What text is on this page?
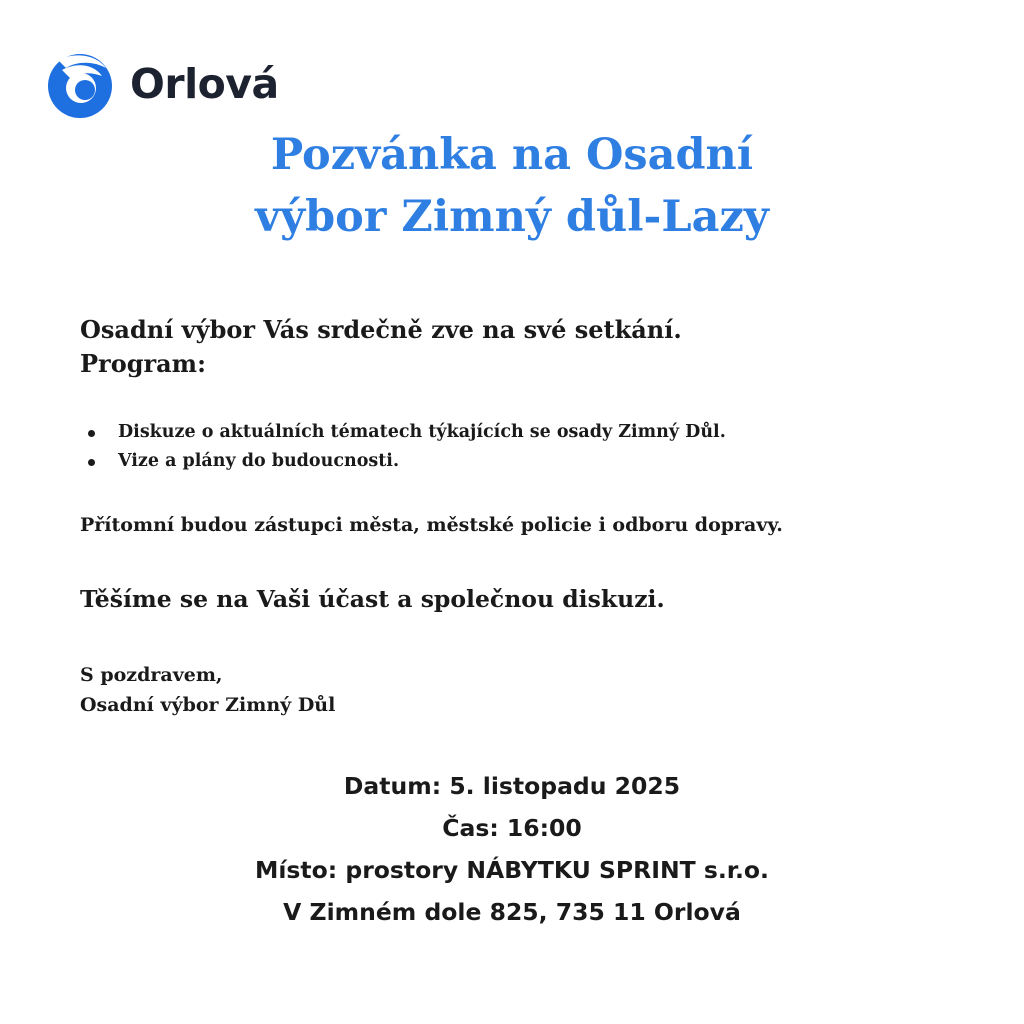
Orlová
Pozvánka na Osadní
výbor Zimný důl-Lazy

Osadní výbor Vás srdečně zve na své setkání.
Program:

Diskuze o aktuálních tématech týkajících se osady Zimný Důl.
Vize a plány do budoucnosti.

Přítomní budou zástupci města, městské policie i odboru dopravy.

Těšíme se na Vaši účast a společnou diskuzi.

S pozdravem,
Osadní výbor Zimný Důl

Datum: 5. listopadu 2025
Čas: 16:00
Místo: prostory NÁBYTKU SPRINT s.r.o.
V Zimném dole 825, 735 11 Orlová
